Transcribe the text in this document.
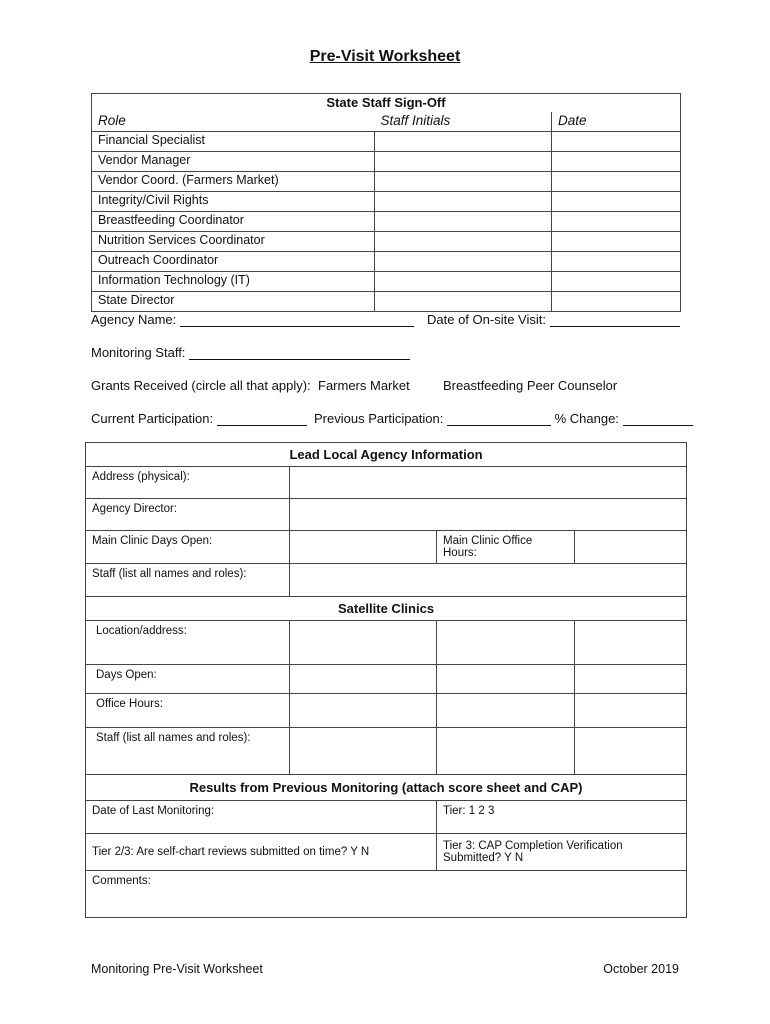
Pre-Visit Worksheet
State Staff Sign-Off		
Role	Staff Initials	Date
Financial Specialist		
Vendor Manager		
Vendor Coord. (Farmers Market)		
Integrity/Civil Rights		
Breastfeeding Coordinator		
Nutrition Services Coordinator		
Outreach Coordinator		
Information Technology (IT)		
State Director		
Agency Name:	Date of On-site Visit:
Monitoring Staff:
Grants Received (circle all that apply): Farmers Market	Breastfeeding Peer Counselor
Current Participation:	Previous Participation:	% Change:
Lead Local Agency Information			
Address (physical):			
Agency Director:			
Main Clinic Days Open:		Main Clinic Office Hours:	
Staff (list all names and roles):			
Satellite Clinics			
Location/address:			
Days Open:			
Office Hours:			
Staff (list all names and roles):			
Results from Previous Monitoring (attach score sheet and CAP)			
Date of Last Monitoring:		Tier: 1 2 3	
Tier 2/3: Are self-chart reviews submitted on time? Y N		Tier 3: CAP Completion Verification Submitted? Y N	
Comments:			
Monitoring Pre-Visit Worksheet	October 2019
